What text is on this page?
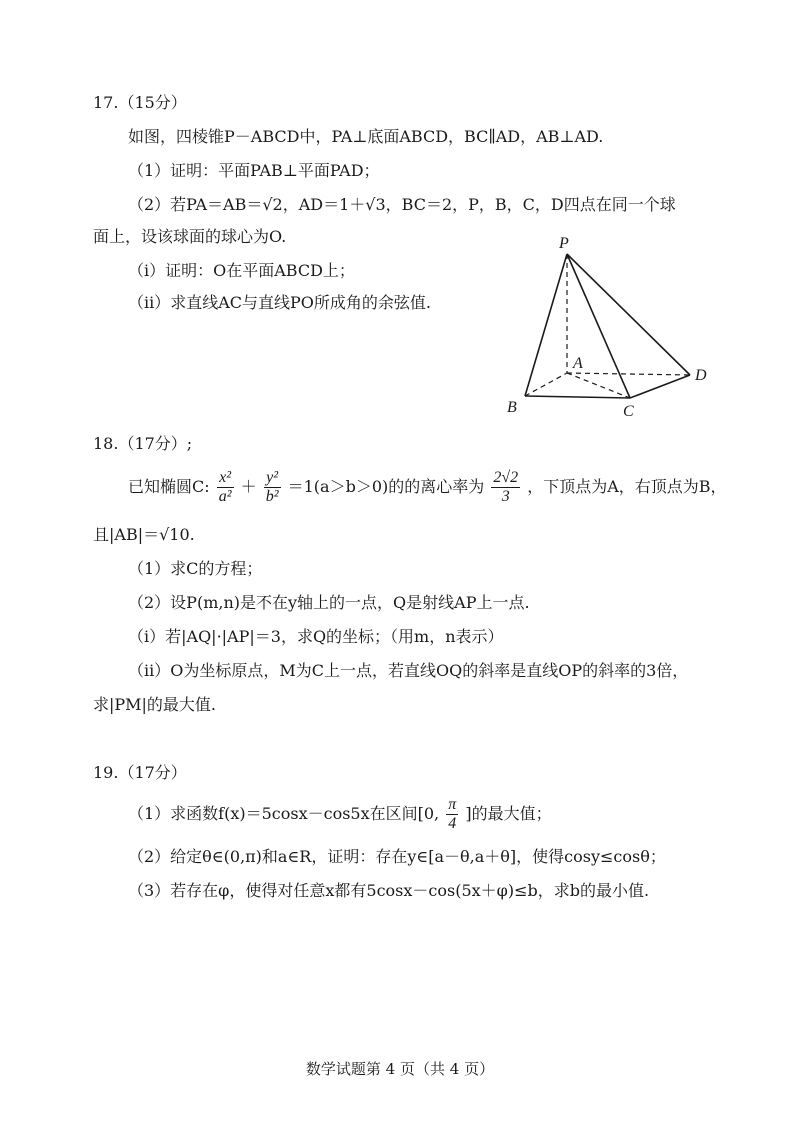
17.（15分）
如图，四棱锥P－ABCD中，PA⊥底面ABCD，BC∥AD，AB⊥AD.
（1）证明：平面PAB⊥平面PAD；
（2）若PA＝AB＝√2，AD＝1＋√3，BC＝2，P，B，C，D四点在同一个球
面上，设该球面的球心为O.
（ⅰ）证明：O在平面ABCD上；
（ⅱ）求直线AC与直线PO所成角的余弦值.
P
A
B	C
D
18.（17分）;
已知椭圆C: $\frac{\text{x²}}{\text{a²}} + \frac{\text{y²}}{\text{b²}} =1(a>b>0)$的的离心率为 $\frac{2√2}{3}$ ，下顶点为A，右顶点为B，
且|AB|＝√10.
（1）求C的方程；
（2）设P(m,n)是不在y轴上的一点，Q是射线AP上一点.
（ⅰ）若|AQ|·|AP|＝3，求Q的坐标；（用m，n表示）
（ⅱ）O为坐标原点，M为C上一点，若直线OQ的斜率是直线OP的斜率的3倍，
求|PM|的最大值.
19.（17分）
（1）求函数f(x)＝5cosx－cos5x在区间[0, $\frac{\pi}{4}$ ]的最大值；
（2）给定θ∈(0,π)和a∈R，证明：存在y∈[a－θ,a＋θ]，使得cosy≤cosθ；
（3）若存在φ，使得对任意x都有5cosx－cos(5x＋φ)≤b，求b的最小值.
数学试题第 4 页（共 4 页）
